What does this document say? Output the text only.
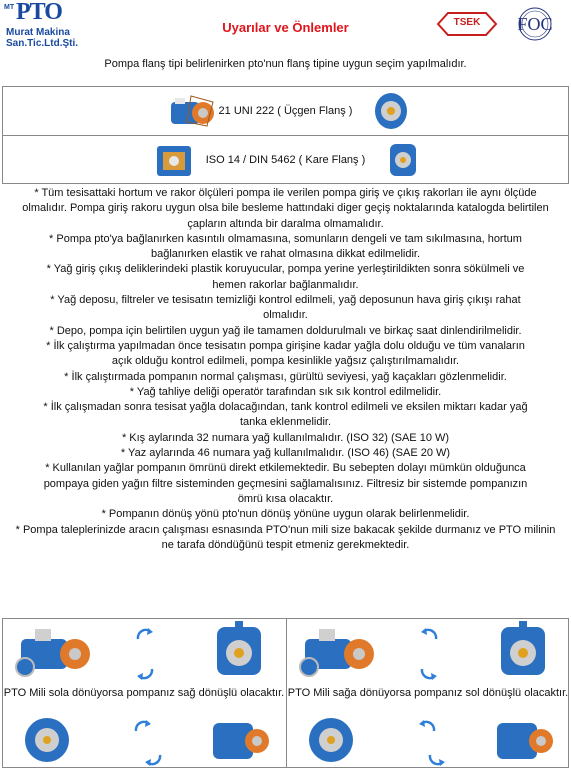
MT PTO
Murat Makina
San.Tic.Ltd.Şti.
Uyarılar ve Önlemler	TSEK	FOC
Pompa flanş tipi belirlenirken pto'nun flanş tipine uygun seçim yapılmalıdır.
21 UNI 222 ( Üçgen Flanş )
ISO 14 / DIN 5462 ( Kare Flanş )

* Tüm tesisattaki hortum ve rakor ölçüleri pompa ile verilen pompa giriş ve çıkış rakorları ile aynı ölçüde olmalıdır. Pompa giriş rakoru uygun olsa bile besleme hattındaki diger geçiş noktalarında katalogda belirtilen çapların altında bir daralma olmamalıdır.

* Pompa pto'ya bağlanırken kasıntılı olmamasına, somunların dengeli ve tam sıkılmasına, hortum bağlanırken elastik ve rahat olmasına dikkat edilmelidir.

* Yağ giriş çıkış deliklerindeki plastik koruyucular, pompa yerine yerleştirildikten sonra sökülmeli ve hemen rakorlar bağlanmalıdır.

* Yağ deposu, filtreler ve tesisatın temizliği kontrol edilmeli, yağ deposunun hava giriş çıkışı rahat olmalıdır.

* Depo, pompa için belirtilen uygun yağ ile tamamen doldurulmalı ve birkaç saat dinlendirilmelidir.

* İlk çalıştırma yapılmadan önce tesisatın pompa girişine kadar yağla dolu olduğu ve tüm vanaların açık olduğu kontrol edilmeli, pompa kesinlikle yağsız çalıştırılmamalıdır.

* İlk çalıştırmada pompanın normal çalışması, gürültü seviyesi, yağ kaçakları gözlenmelidir.

* Yağ tahliye deliği operatör tarafından sık sık kontrol edilmelidir.

* İlk çalışmadan sonra tesisat yağla dolacağından, tank kontrol edilmeli ve eksilen miktarı kadar yağ tanka eklenmelidir.

* Kış aylarında 32 numara yağ kullanılmalıdır. (ISO 32) (SAE 10 W)

* Yaz aylarında 46 numara yağ kullanılmalıdır. (ISO 46) (SAE 20 W)

* Kullanılan yağlar pompanın ömrünü direkt etkilemektedir. Bu sebepten dolayı mümkün olduğunca pompaya giden yağın filtre sisteminden geçmesini sağlamalısınız. Filtresiz bir sistemde pompanızın ömrü kısa olacaktır.

* Pompanın dönüş yönü pto'nun dönüş yönüne uygun olarak belirlenmelidir.

* Pompa taleplerinizde aracın çalışması esnasında PTO'nun mili size bakacak şekilde durmanız ve PTO milinin ne tarafa döndüğünü tespit etmeniz gerekmektedir.

PTO Mili sola dönüyorsa pompanız sağ dönüşlü olacaktır. PTO Mili sağa dönüyorsa pompanız sol dönüşlü olacaktır.
